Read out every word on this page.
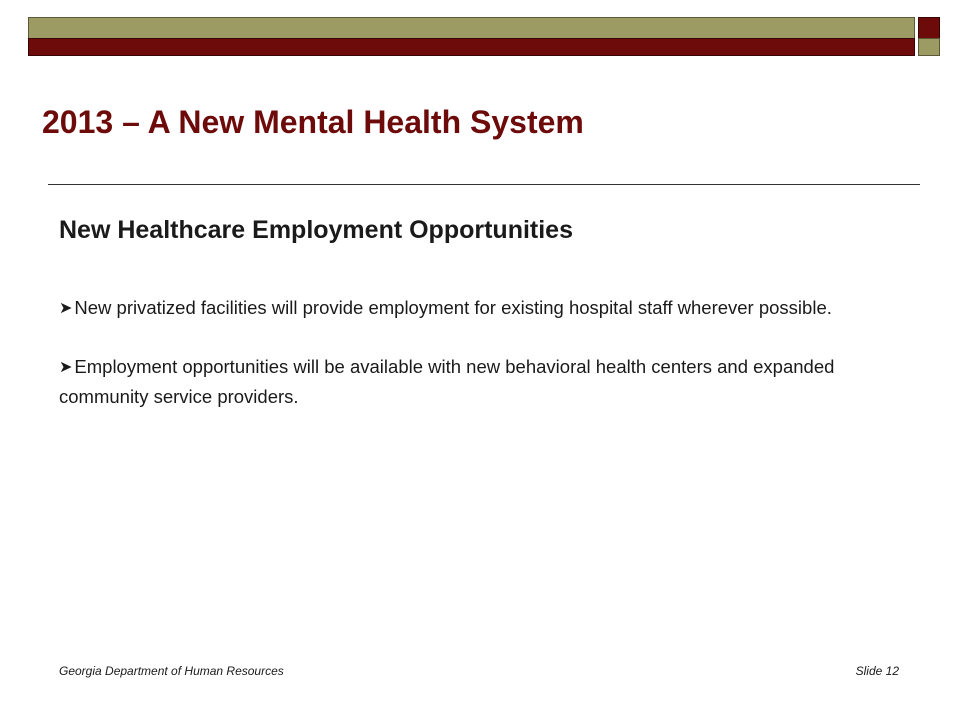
2013 – A New Mental Health System
New Healthcare Employment Opportunities
➤ New privatized facilities will provide employment for existing hospital staff wherever possible.
➤ Employment opportunities will be available with new behavioral health centers and expanded community service providers.
Georgia Department of Human Resources	Slide 12
